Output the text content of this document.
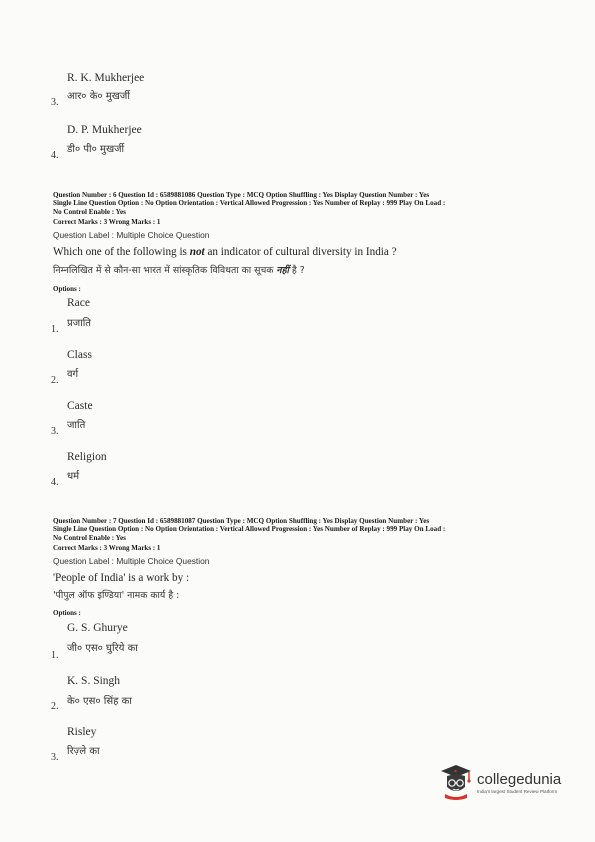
R. K. Mukherjee
आर० के० मुखर्जी
3.
D. P. Mukherjee
डी० पी० मुखर्जी
4.
Question Number : 6 Question Id : 6589881086 Question Type : MCQ Option Shuffling : Yes Display Question Number : Yes
Single Line Question Option : No Option Orientation : Vertical Allowed Progression : Yes Number of Replay : 999 Play On Load :
No Control Enable : Yes
Correct Marks : 3 Wrong Marks : 1
Question Label : Multiple Choice Question
Which one of the following is not an indicator of cultural diversity in India ?
निम्नलिखित में से कौन-सा भारत में सांस्कृतिक विविधता का सूचक नहीं है ?
Options :
Race
प्रजाति
1.
Class
वर्ग
2.
Caste
जाति
3.
Religion
धर्म
4.
Question Number : 7 Question Id : 6589881087 Question Type : MCQ Option Shuffling : Yes Display Question Number : Yes
Single Line Question Option : No Option Orientation : Vertical Allowed Progression : Yes Number of Replay : 999 Play On Load :
No Control Enable : Yes
Correct Marks : 3 Wrong Marks : 1
Question Label : Multiple Choice Question
'People of India' is a work by :
'पीपुल ऑफ इण्डिया' नामक कार्य है :
Options :
G. S. Ghurye
जी० एस० घुरिये का
1.
K. S. Singh
के० एस० सिंह का
2.
Risley
रिज़्ले का
3.
collegedunia
India's largest Student Review Platform
